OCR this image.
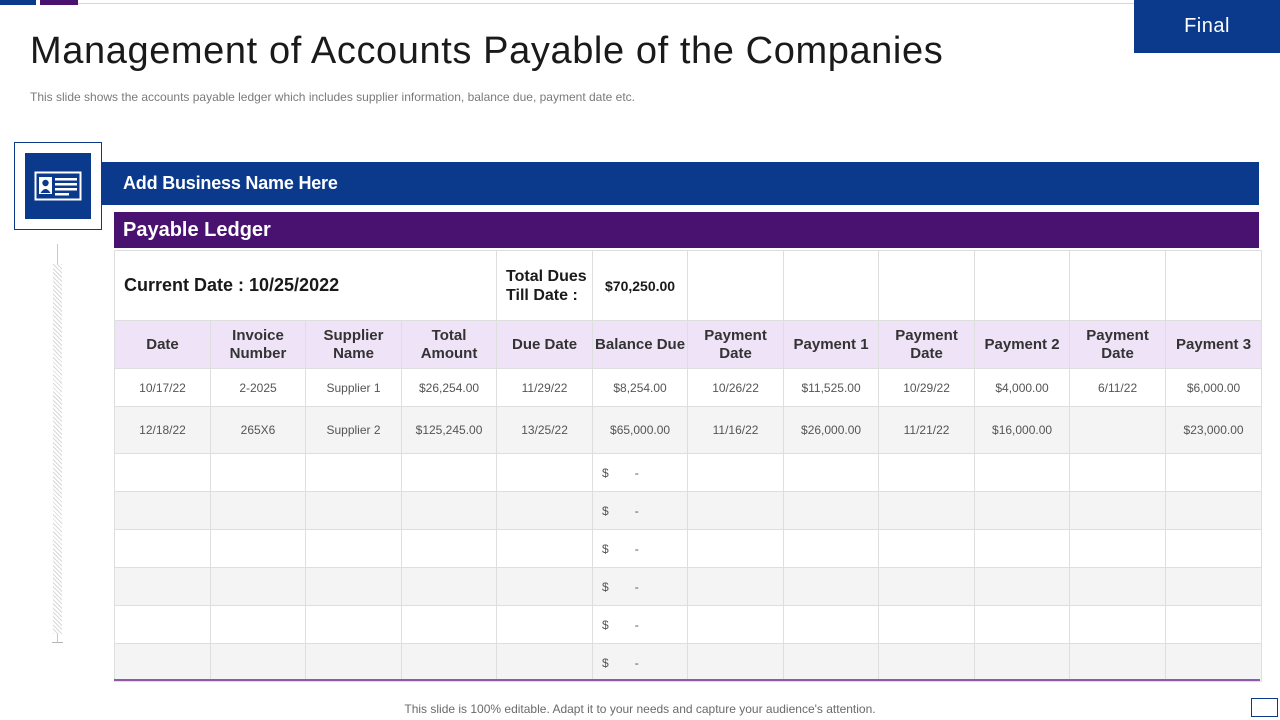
Final
Management of Accounts Payable of the Companies

This slide shows the accounts payable ledger which includes supplier information, balance due, payment date etc.

Add Business Name Here
Payable Ledger
Current Date : 10/25/2022				Total Dues Till Date :	$70,250.00						
Date	Invoice Number	Supplier Name	Total Amount	Due Date	Balance Due	Payment Date	Payment 1	Payment Date	Payment 2	Payment Date	Payment 3
10/17/22	2-2025	Supplier 1	$26,254.00	11/29/22	$8,254.00	10/26/22	$11,525.00	10/29/22	$4,000.00	6/11/22	$6,000.00
12/18/22	265X6	Supplier 2	$125,245.00	13/25/22	$65,000.00	11/16/22	$26,000.00	11/21/22	$16,000.00		$23,000.00
					$ -						
					$ -						
					$ -						
					$ -						
					$ -						
					$ -						
This slide is 100% editable. Adapt it to your needs and capture your audience's attention.
